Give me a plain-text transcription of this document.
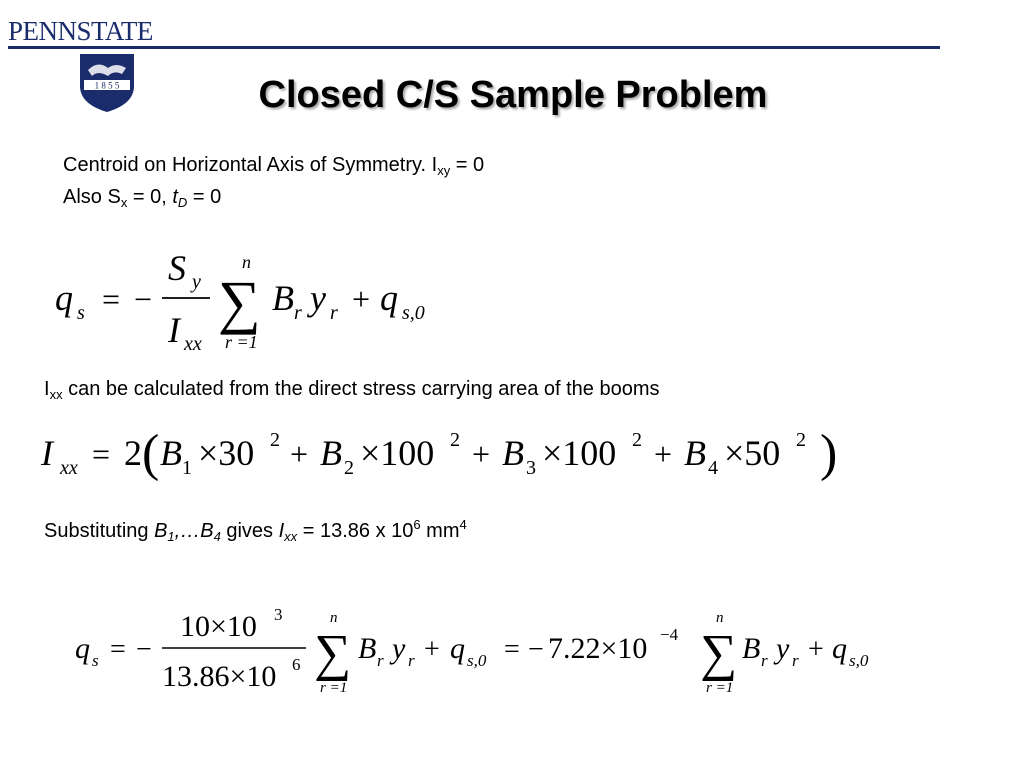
PENNSTATE
1 8 5 5	Closed C/S Sample Problem
Centroid on Horizontal Axis of Symmetry. $I_{xy} = 0$
Also $S_x = 0$, $t_D = 0$
$I_{xx}$ can be calculated from the direct stress carrying area of the booms
Substituting $B_1,\dots B_4$ gives $I_{xx} = 13.86$ x $10^6$ $mm^4$
q s = −
S y
I xx
n
∑
r =1
B r y r + q s,0
I xx = 2 ( B 1 ×30 2 + B 2 ×100 2 + B 3 ×100 2 + B 4 ×50 2 )
q s = −
10×10 3
13.86×10 6
n
∑
r =1
B r y r + q s,0 = − 7.22×10 −4
n
∑
r =1
B r y r + q s,0
